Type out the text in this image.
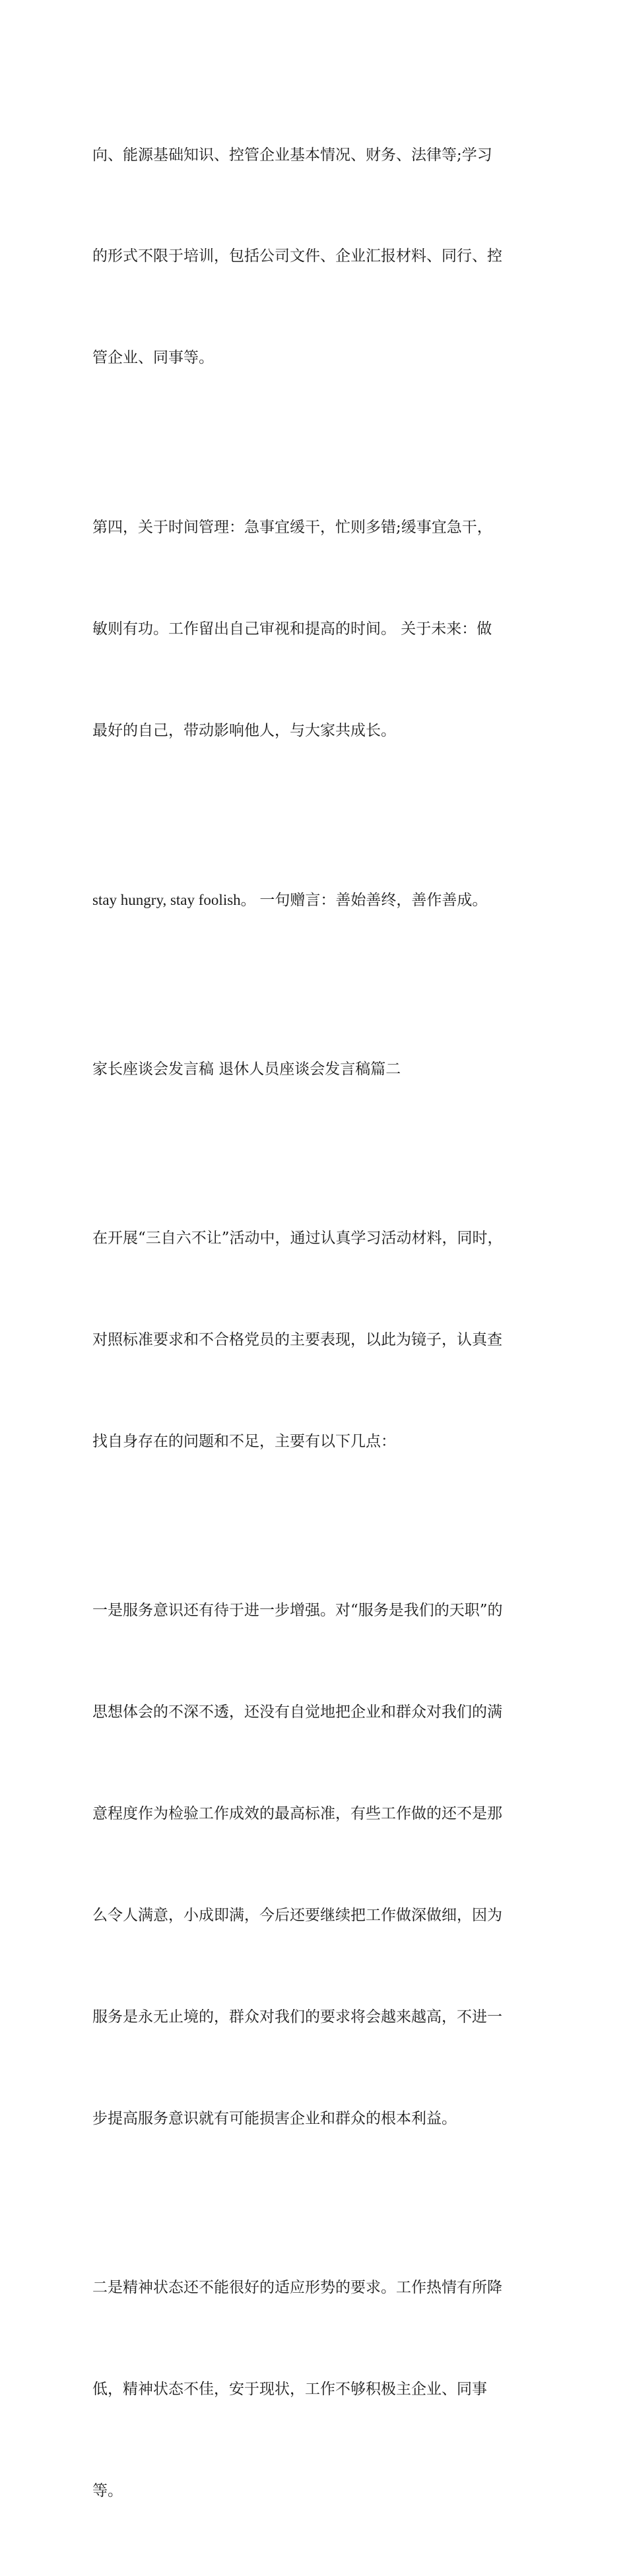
向、能源基础知识、控管企业基本情况、财务、法律等;学习

的形式不限于培训，包括公司文件、企业汇报材料、同行、控

管企业、同事等。

第四，关于时间管理：急事宜缓干，忙则多错;缓事宜急干，

敏则有功。工作留出自己审视和提高的时间。 关于未来：做

最好的自己，带动影响他人，与大家共成长。

stay hungry, stay foolish。 一句赠言：善始善终，善作善成。

家长座谈会发言稿 退休人员座谈会发言稿篇二

在开展“三自六不让”活动中，通过认真学习活动材料，同时，

对照标准要求和不合格党员的主要表现，以此为镜子，认真查

找自身存在的问题和不足，主要有以下几点：

一是服务意识还有待于进一步增强。对“服务是我们的天职”的

思想体会的不深不透，还没有自觉地把企业和群众对我们的满

意程度作为检验工作成效的最高标准，有些工作做的还不是那

么令人满意，小成即满，今后还要继续把工作做深做细，因为

服务是永无止境的，群众对我们的要求将会越来越高，不进一

步提高服务意识就有可能损害企业和群众的根本利益。

二是精神状态还不能很好的适应形势的要求。工作热情有所降

低，精神状态不佳，安于现状，工作不够积极主企业、同事

等。
